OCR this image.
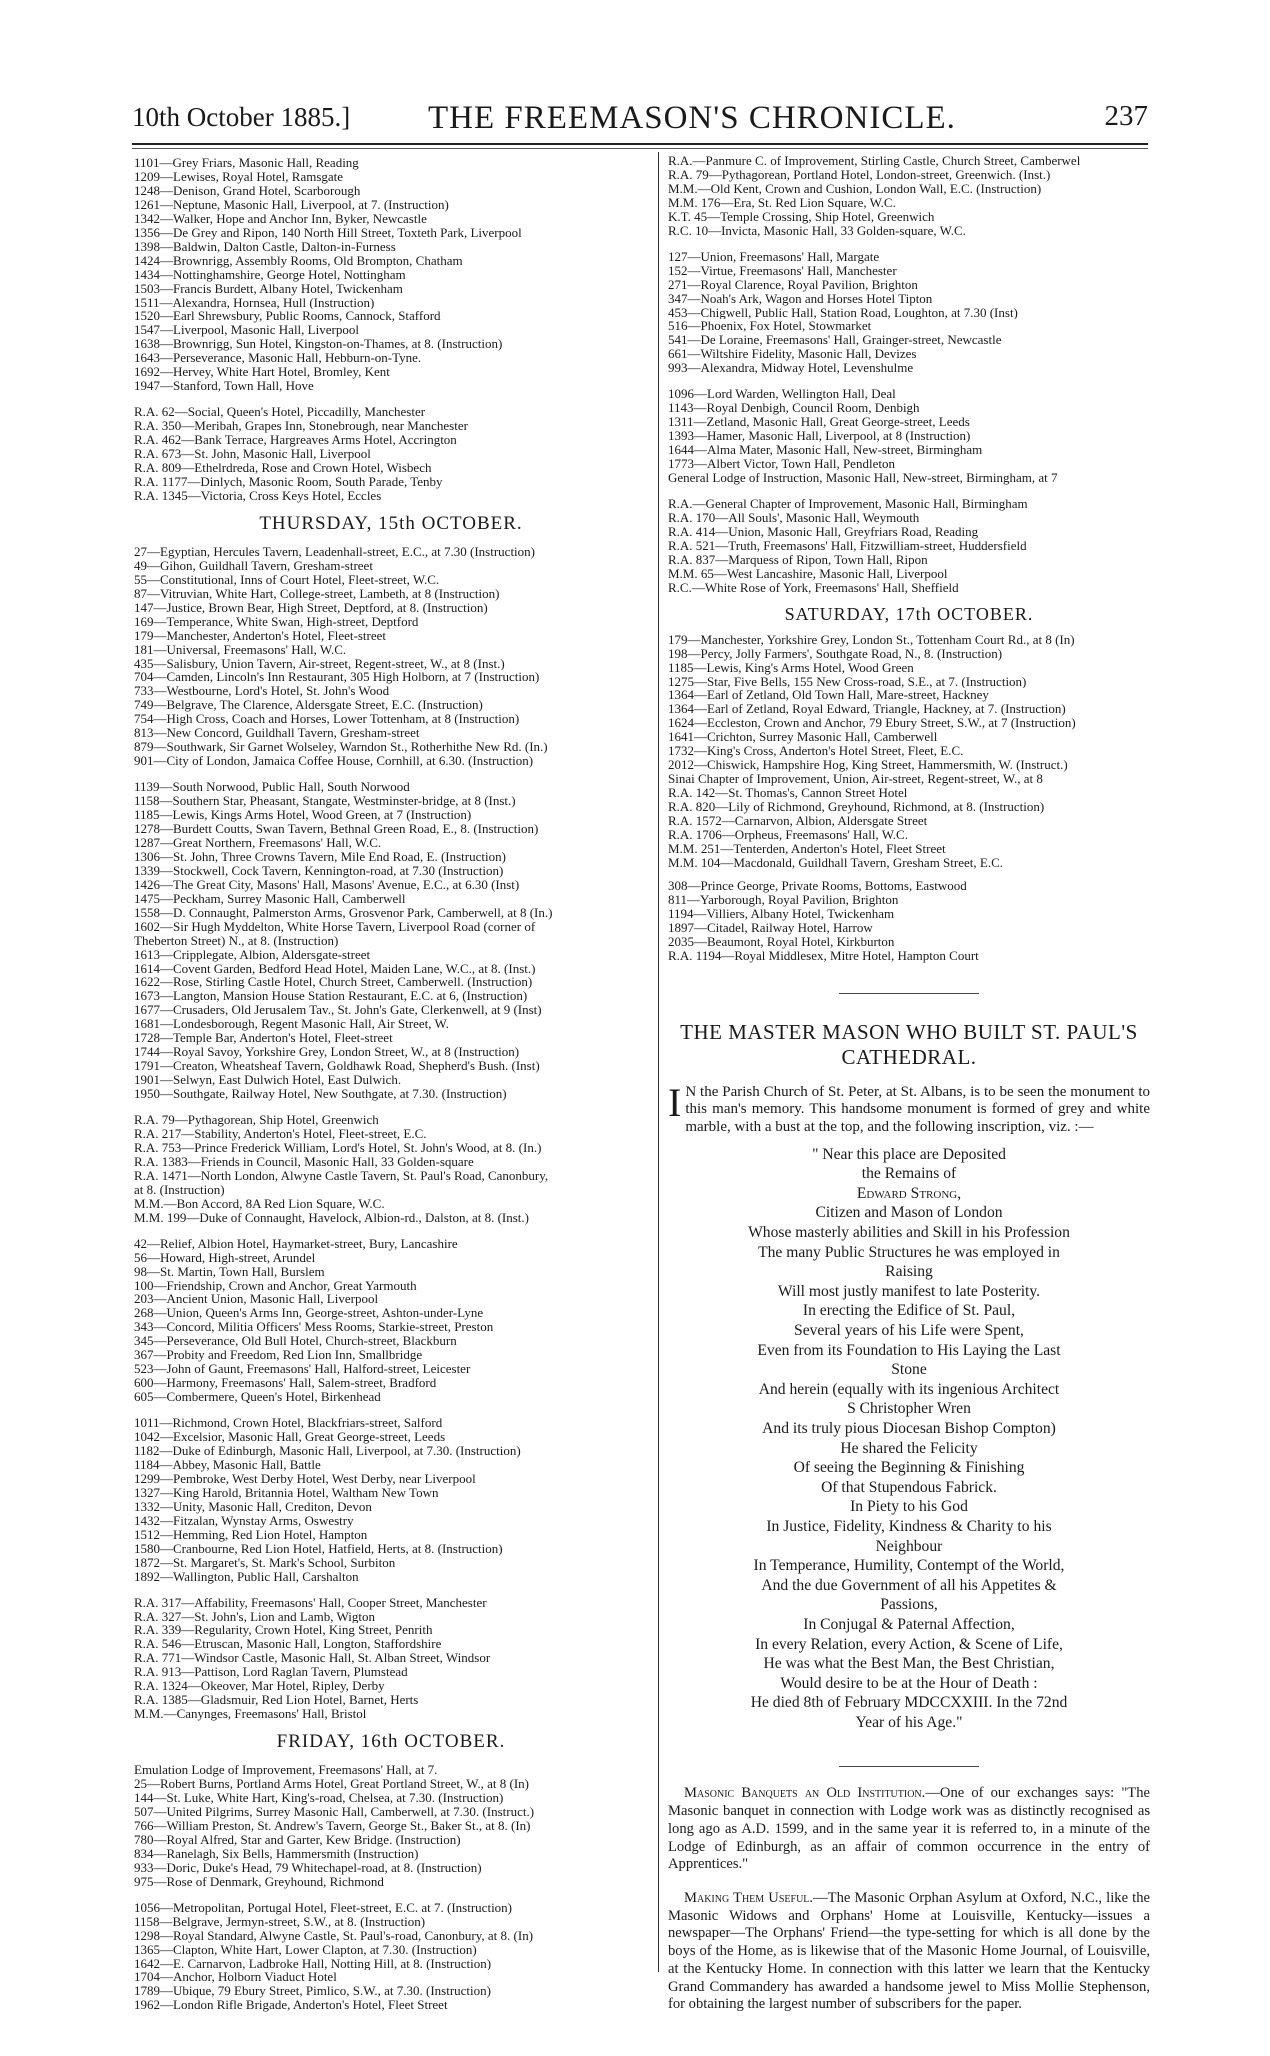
10th October 1885.] THE FREEMASON'S CHRONICLE.	237
1101—Grey Friars, Masonic Hall, Reading
1209—Lewises, Royal Hotel, Ramsgate
1248—Denison, Grand Hotel, Scarborough
1261—Neptune, Masonic Hall, Liverpool, at 7. (Instruction)
1342—Walker, Hope and Anchor Inn, Byker, Newcastle
1356—De Grey and Ripon, 140 North Hill Street, Toxteth Park, Liverpool
1398—Baldwin, Dalton Castle, Dalton-in-Furness
1424—Brownrigg, Assembly Rooms, Old Brompton, Chatham
1434—Nottinghamshire, George Hotel, Nottingham
1503—Francis Burdett, Albany Hotel, Twickenham
1511—Alexandra, Hornsea, Hull (Instruction)
1520—Earl Shrewsbury, Public Rooms, Cannock, Stafford
1547—Liverpool, Masonic Hall, Liverpool
1638—Brownrigg, Sun Hotel, Kingston-on-Thames, at 8. (Instruction)
1643—Perseverance, Masonic Hall, Hebburn-on-Tyne.
1692—Hervey, White Hart Hotel, Bromley, Kent
1947—Stanford, Town Hall, Hove
R.A. 62—Social, Queen's Hotel, Piccadilly, Manchester
R.A. 350—Meribah, Grapes Inn, Stonebrough, near Manchester
R.A. 462—Bank Terrace, Hargreaves Arms Hotel, Accrington
R.A. 673—St. John, Masonic Hall, Liverpool
R.A. 809—Ethelrdreda, Rose and Crown Hotel, Wisbech
R.A. 1177—Dinlych, Masonic Room, South Parade, Tenby
R.A. 1345—Victoria, Cross Keys Hotel, Eccles
THURSDAY, 15th OCTOBER.
27—Egyptian, Hercules Tavern, Leadenhall-street, E.C., at 7.30 (Instruction)
49—Gihon, Guildhall Tavern, Gresham-street
55—Constitutional, Inns of Court Hotel, Fleet-street, W.C.
87—Vitruvian, White Hart, College-street, Lambeth, at 8 (Instruction)
147—Justice, Brown Bear, High Street, Deptford, at 8. (Instruction)
169—Temperance, White Swan, High-street, Deptford
179—Manchester, Anderton's Hotel, Fleet-street
181—Universal, Freemasons' Hall, W.C.
435—Salisbury, Union Tavern, Air-street, Regent-street, W., at 8 (Inst.)
704—Camden, Lincoln's Inn Restaurant, 305 High Holborn, at 7 (Instruction)
733—Westbourne, Lord's Hotel, St. John's Wood
749—Belgrave, The Clarence, Aldersgate Street, E.C. (Instruction)
754—High Cross, Coach and Horses, Lower Tottenham, at 8 (Instruction)
813—New Concord, Guildhall Tavern, Gresham-street
879—Southwark, Sir Garnet Wolseley, Warndon St., Rotherhithe New Rd. (In.)
901—City of London, Jamaica Coffee House, Cornhill, at 6.30. (Instruction)
1139—South Norwood, Public Hall, South Norwood
1158—Southern Star, Pheasant, Stangate, Westminster-bridge, at 8 (Inst.)
1185—Lewis, Kings Arms Hotel, Wood Green, at 7 (Instruction)
1278—Burdett Coutts, Swan Tavern, Bethnal Green Road, E., 8. (Instruction)
1287—Great Northern, Freemasons' Hall, W.C.
1306—St. John, Three Crowns Tavern, Mile End Road, E. (Instruction)
1339—Stockwell, Cock Tavern, Kennington-road, at 7.30 (Instruction)
1426—The Great City, Masons' Hall, Masons' Avenue, E.C., at 6.30 (Inst)
1475—Peckham, Surrey Masonic Hall, Camberwell
1558—D. Connaught, Palmerston Arms, Grosvenor Park, Camberwell, at 8 (In.)
1602—Sir Hugh Myddelton, White Horse Tavern, Liverpool Road (corner of
Theberton Street) N., at 8. (Instruction)
1613—Cripplegate, Albion, Aldersgate-street
1614—Covent Garden, Bedford Head Hotel, Maiden Lane, W.C., at 8. (Inst.)
1622—Rose, Stirling Castle Hotel, Church Street, Camberwell. (Instruction)
1673—Langton, Mansion House Station Restaurant, E.C. at 6, (Instruction)
1677—Crusaders, Old Jerusalem Tav., St. John's Gate, Clerkenwell, at 9 (Inst)
1681—Londesborough, Regent Masonic Hall, Air Street, W.
1728—Temple Bar, Anderton's Hotel, Fleet-street
1744—Royal Savoy, Yorkshire Grey, London Street, W., at 8 (Instruction)
1791—Creaton, Wheatsheaf Tavern, Goldhawk Road, Shepherd's Bush. (Inst)
1901—Selwyn, East Dulwich Hotel, East Dulwich.
1950—Southgate, Railway Hotel, New Southgate, at 7.30. (Instruction)
R.A. 79—Pythagorean, Ship Hotel, Greenwich
R.A. 217—Stability, Anderton's Hotel, Fleet-street, E.C.
R.A. 753—Prince Frederick William, Lord's Hotel, St. John's Wood, at 8. (In.)
R.A. 1383—Friends in Council, Masonic Hall, 33 Golden-square
R.A. 1471—North London, Alwyne Castle Tavern, St. Paul's Road, Canonbury,
at 8. (Instruction)
M.M.—Bon Accord, 8A Red Lion Square, W.C.
M.M. 199—Duke of Connaught, Havelock, Albion-rd., Dalston, at 8. (Inst.)
42—Relief, Albion Hotel, Haymarket-street, Bury, Lancashire
56—Howard, High-street, Arundel
98—St. Martin, Town Hall, Burslem
100—Friendship, Crown and Anchor, Great Yarmouth
203—Ancient Union, Masonic Hall, Liverpool
268—Union, Queen's Arms Inn, George-street, Ashton-under-Lyne
343—Concord, Militia Officers' Mess Rooms, Starkie-street, Preston
345—Perseverance, Old Bull Hotel, Church-street, Blackburn
367—Probity and Freedom, Red Lion Inn, Smallbridge
523—John of Gaunt, Freemasons' Hall, Halford-street, Leicester
600—Harmony, Freemasons' Hall, Salem-street, Bradford
605—Combermere, Queen's Hotel, Birkenhead
1011—Richmond, Crown Hotel, Blackfriars-street, Salford
1042—Excelsior, Masonic Hall, Great George-street, Leeds
1182—Duke of Edinburgh, Masonic Hall, Liverpool, at 7.30. (Instruction)
1184—Abbey, Masonic Hall, Battle
1299—Pembroke, West Derby Hotel, West Derby, near Liverpool
1327—King Harold, Britannia Hotel, Waltham New Town
1332—Unity, Masonic Hall, Crediton, Devon
1432—Fitzalan, Wynstay Arms, Oswestry
1512—Hemming, Red Lion Hotel, Hampton
1580—Cranbourne, Red Lion Hotel, Hatfield, Herts, at 8. (Instruction)
1872—St. Margaret's, St. Mark's School, Surbiton
1892—Wallington, Public Hall, Carshalton
R.A. 317—Affability, Freemasons' Hall, Cooper Street, Manchester
R.A. 327—St. John's, Lion and Lamb, Wigton
R.A. 339—Regularity, Crown Hotel, King Street, Penrith
R.A. 546—Etruscan, Masonic Hall, Longton, Staffordshire
R.A. 771—Windsor Castle, Masonic Hall, St. Alban Street, Windsor
R.A. 913—Pattison, Lord Raglan Tavern, Plumstead
R.A. 1324—Okeover, Mar Hotel, Ripley, Derby
R.A. 1385—Gladsmuir, Red Lion Hotel, Barnet, Herts
M.M.—Canynges, Freemasons' Hall, Bristol
FRIDAY, 16th OCTOBER.
Emulation Lodge of Improvement, Freemasons' Hall, at 7.
25—Robert Burns, Portland Arms Hotel, Great Portland Street, W., at 8 (In)
144—St. Luke, White Hart, King's-road, Chelsea, at 7.30. (Instruction)
507—United Pilgrims, Surrey Masonic Hall, Camberwell, at 7.30. (Instruct.)
766—William Preston, St. Andrew's Tavern, George St., Baker St., at 8. (In)
780—Royal Alfred, Star and Garter, Kew Bridge. (Instruction)
834—Ranelagh, Six Bells, Hammersmith (Instruction)
933—Doric, Duke's Head, 79 Whitechapel-road, at 8. (Instruction)
975—Rose of Denmark, Greyhound, Richmond
1056—Metropolitan, Portugal Hotel, Fleet-street, E.C. at 7. (Instruction)
1158—Belgrave, Jermyn-street, S.W., at 8. (Instruction)
1298—Royal Standard, Alwyne Castle, St. Paul's-road, Canonbury, at 8. (In)
1365—Clapton, White Hart, Lower Clapton, at 7.30. (Instruction)
1642—E. Carnarvon, Ladbroke Hall, Notting Hill, at 8. (Instruction)
1704—Anchor, Holborn Viaduct Hotel
1789—Ubique, 79 Ebury Street, Pimlico, S.W., at 7.30. (Instruction)
1962—London Rifle Brigade, Anderton's Hotel, Fleet Street
R.A.—Panmure C. of Improvement, Stirling Castle, Church Street, Camberwel
R.A. 79—Pythagorean, Portland Hotel, London-street, Greenwich. (Inst.)
M.M.—Old Kent, Crown and Cushion, London Wall, E.C. (Instruction)
M.M. 176—Era, St. Red Lion Square, W.C.
K.T. 45—Temple Crossing, Ship Hotel, Greenwich
R.C. 10—Invicta, Masonic Hall, 33 Golden-square, W.C.
127—Union, Freemasons' Hall, Margate
152—Virtue, Freemasons' Hall, Manchester
271—Royal Clarence, Royal Pavilion, Brighton
347—Noah's Ark, Wagon and Horses Hotel Tipton
453—Chigwell, Public Hall, Station Road, Loughton, at 7.30 (Inst)
516—Phoenix, Fox Hotel, Stowmarket
541—De Loraine, Freemasons' Hall, Grainger-street, Newcastle
661—Wiltshire Fidelity, Masonic Hall, Devizes
993—Alexandra, Midway Hotel, Levenshulme
1096—Lord Warden, Wellington Hall, Deal
1143—Royal Denbigh, Council Room, Denbigh
1311—Zetland, Masonic Hall, Great George-street, Leeds
1393—Hamer, Masonic Hall, Liverpool, at 8 (Instruction)
1644—Alma Mater, Masonic Hall, New-street, Birmingham
1773—Albert Victor, Town Hall, Pendleton
General Lodge of Instruction, Masonic Hall, New-street, Birmingham, at 7
R.A.—General Chapter of Improvement, Masonic Hall, Birmingham
R.A. 170—All Souls', Masonic Hall, Weymouth
R.A. 414—Union, Masonic Hall, Greyfriars Road, Reading
R.A. 521—Truth, Freemasons' Hall, Fitzwilliam-street, Huddersfield
R.A. 837—Marquess of Ripon, Town Hall, Ripon
M.M. 65—West Lancashire, Masonic Hall, Liverpool
R.C.—White Rose of York, Freemasons' Hall, Sheffield
SATURDAY, 17th OCTOBER.
179—Manchester, Yorkshire Grey, London St., Tottenham Court Rd., at 8 (In)
198—Percy, Jolly Farmers', Southgate Road, N., 8. (Instruction)
1185—Lewis, King's Arms Hotel, Wood Green
1275—Star, Five Bells, 155 New Cross-road, S.E., at 7. (Instruction)
1364—Earl of Zetland, Old Town Hall, Mare-street, Hackney
1364—Earl of Zetland, Royal Edward, Triangle, Hackney, at 7. (Instruction)
1624—Eccleston, Crown and Anchor, 79 Ebury Street, S.W., at 7 (Instruction)
1641—Crichton, Surrey Masonic Hall, Camberwell
1732—King's Cross, Anderton's Hotel Street, Fleet, E.C.
2012—Chiswick, Hampshire Hog, King Street, Hammersmith, W. (Instruct.)
Sinai Chapter of Improvement, Union, Air-street, Regent-street, W., at 8
R.A. 142—St. Thomas's, Cannon Street Hotel
R.A. 820—Lily of Richmond, Greyhound, Richmond, at 8. (Instruction)
R.A. 1572—Carnarvon, Albion, Aldersgate Street
R.A. 1706—Orpheus, Freemasons' Hall, W.C.
M.M. 251—Tenterden, Anderton's Hotel, Fleet Street
M.M. 104—Macdonald, Guildhall Tavern, Gresham Street, E.C.
308—Prince George, Private Rooms, Bottoms, Eastwood
811—Yarborough, Royal Pavilion, Brighton
1194—Villiers, Albany Hotel, Twickenham
1897—Citadel, Railway Hotel, Harrow
2035—Beaumont, Royal Hotel, Kirkburton
R.A. 1194—Royal Middlesex, Mitre Hotel, Hampton Court
THE MASTER MASON WHO BUILT ST. PAUL'S CATHEDRAL.

I N the Parish Church of St. Peter, at St. Albans, is to be seen the monument to this man's memory. This handsome monument is formed of grey and white marble, with a bust at the top, and the following inscription, viz. :—

" Near this place are Deposited
the Remains of
Edward Strong,
Citizen and Mason of London
Whose masterly abilities and Skill in his Profession
The many Public Structures he was employed in
Raising
Will most justly manifest to late Posterity.
In erecting the Edifice of St. Paul,
Several years of his Life were Spent,
Even from its Foundation to His Laying the Last
Stone
And herein (equally with its ingenious Architect
S Christopher Wren
And its truly pious Diocesan Bishop Compton)
He shared the Felicity
Of seeing the Beginning & Finishing
Of that Stupendous Fabrick.
In Piety to his God
In Justice, Fidelity, Kindness & Charity to his
Neighbour
In Temperance, Humility, Contempt of the World,
And the due Government of all his Appetites &
Passions,
In Conjugal & Paternal Affection,
In every Relation, every Action, & Scene of Life,
He was what the Best Man, the Best Christian,
Would desire to be at the Hour of Death :
He died 8th of February MDCCXXIII. In the 72nd
Year of his Age."

Masonic Banquets an Old Institution.—One of our exchanges says: "The Masonic banquet in connection with Lodge work was as distinctly recognised as long ago as A.D. 1599, and in the same year it is referred to, in a minute of the Lodge of Edinburgh, as an affair of common occurrence in the entry of Apprentices."

Making Them Useful.—The Masonic Orphan Asylum at Oxford, N.C., like the Masonic Widows and Orphans' Home at Louisville, Kentucky—issues a newspaper—The Orphans' Friend—the type-setting for which is all done by the boys of the Home, as is likewise that of the Masonic Home Journal, of Louisville, at the Kentucky Home. In connection with this latter we learn that the Kentucky Grand Commandery has awarded a handsome jewel to Miss Mollie Stephenson, for obtaining the largest number of subscribers for the paper.
